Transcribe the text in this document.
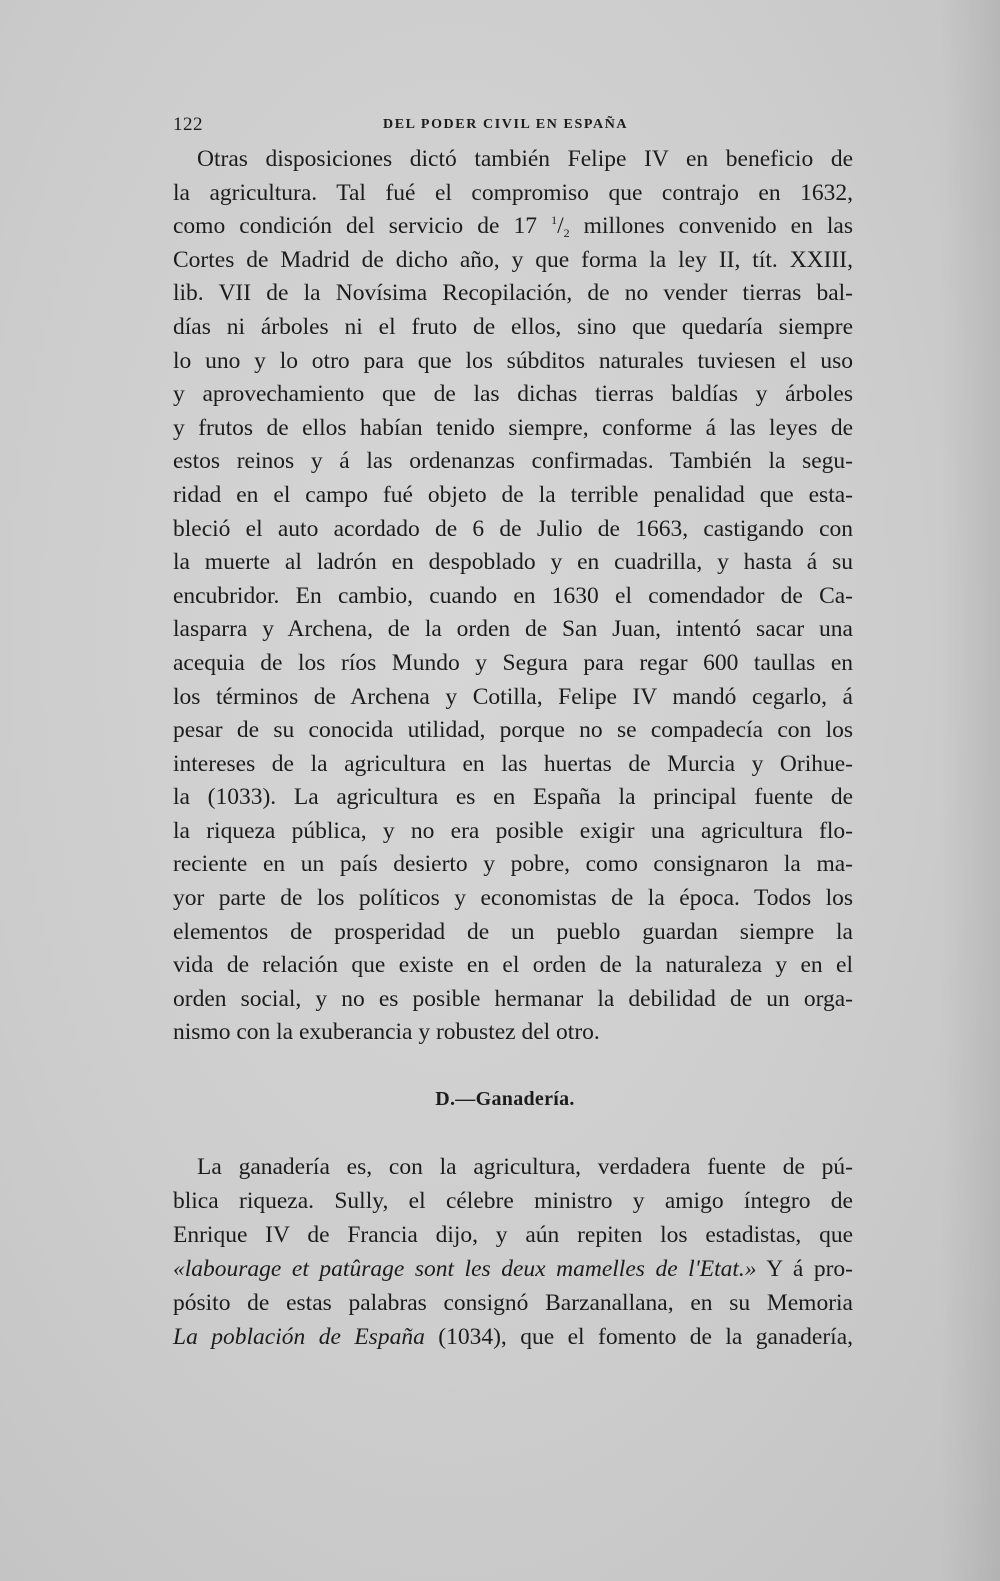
122	DEL PODER CIVIL EN ESPAÑA
Otras disposiciones dictó también Felipe IV en beneficio de
la agricultura. Tal fué el compromiso que contrajo en 1632,
como condición del servicio de 17 $^1/_2$ millones convenido en las
Cortes de Madrid de dicho año, y que forma la ley II, tít. XXIII,
lib. VII de la Novísima Recopilación, de no vender tierras bal-
días ni árboles ni el fruto de ellos, sino que quedaría siempre
lo uno y lo otro para que los súbditos naturales tuviesen el uso
y aprovechamiento que de las dichas tierras baldías y árboles
y frutos de ellos habían tenido siempre, conforme á las leyes de
estos reinos y á las ordenanzas confirmadas. También la segu-
ridad en el campo fué objeto de la terrible penalidad que esta-
bleció el auto acordado de 6 de Julio de 1663, castigando con
la muerte al ladrón en despoblado y en cuadrilla, y hasta á su
encubridor. En cambio, cuando en 1630 el comendador de Ca-
lasparra y Archena, de la orden de San Juan, intentó sacar una
acequia de los ríos Mundo y Segura para regar 600 taullas en
los términos de Archena y Cotilla, Felipe IV mandó cegarlo, á
pesar de su conocida utilidad, porque no se compadecía con los
intereses de la agricultura en las huertas de Murcia y Orihue-
la (1033). La agricultura es en España la principal fuente de
la riqueza pública, y no era posible exigir una agricultura flo-
reciente en un país desierto y pobre, como consignaron la ma-
yor parte de los políticos y economistas de la época. Todos los
elementos de prosperidad de un pueblo guardan siempre la
vida de relación que existe en el orden de la naturaleza y en el
orden social, y no es posible hermanar la debilidad de un orga-
nismo con la exuberancia y robustez del otro.
D.—Ganadería.
La ganadería es, con la agricultura, verdadera fuente de pú-
blica riqueza. Sully, el célebre ministro y amigo íntegro de
Enrique IV de Francia dijo, y aún repiten los estadistas, que
«labourage et patûrage sont les deux mamelles de l'Etat.» Y á pro-
pósito de estas palabras consignó Barzanallana, en su Memoria
La población de España (1034), que el fomento de la ganadería,
